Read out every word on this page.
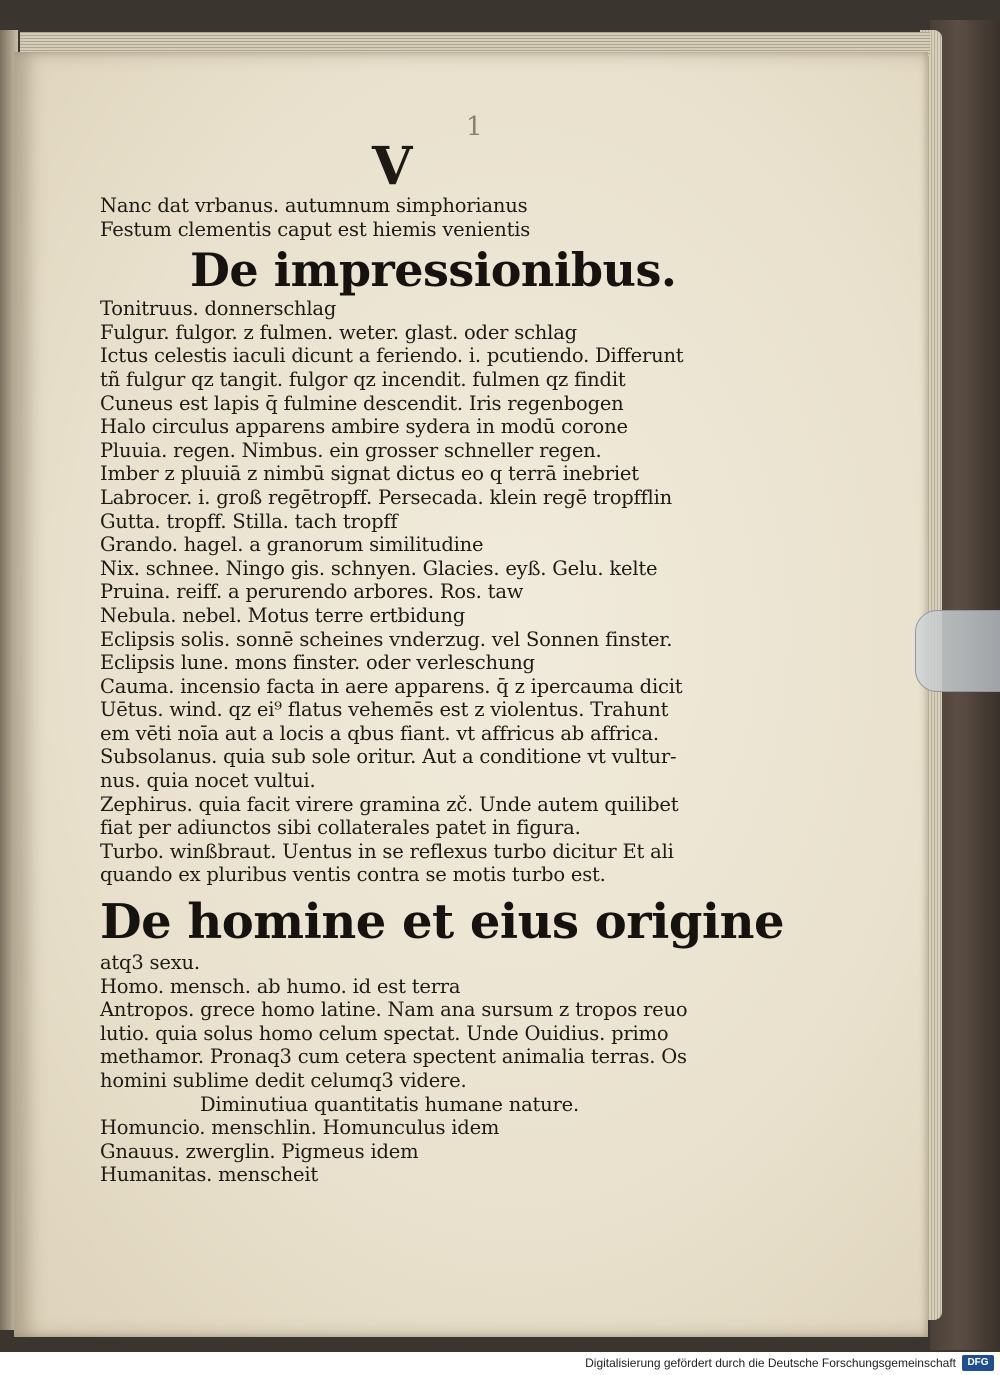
1
V
Nanc dat vrbanus. autumnum simphorianus
Festum clementis caput est hiemis venientis
De impressionibus.
Tonitruus. donnerschlag
Fulgur. fulgor. z fulmen. weter. glast. oder schlag
Ictus celestis iaculi dicunt a feriendo. i. pcutiendo. Differunt
tñ fulgur qz tangit. fulgor qz incendit. fulmen qz findit
Cuneus est lapis q̄ fulmine descendit. Iris regenbogen
Halo circulus apparens ambire sydera in modū corone
Pluuia. regen. Nimbus. ein grosser schneller regen.
Imber z pluuiā z nimbū signat dictus eo q terrā inebriet
Labrocer. i. groß regētropff. Persecada. klein regē tropfflin
Gutta. tropff. Stilla. tach tropff
Grando. hagel. a granorum similitudine
Nix. schnee. Ningo gis. schnyen. Glacies. eyß. Gelu. kelte
Pruina. reiff. a perurendo arbores. Ros. taw
Nebula. nebel. Motus terre ertbidung
Eclipsis solis. sonnē scheines vnderzug. vel Sonnen finster.
Eclipsis lune. mons finster. oder verleschung
Cauma. incensio facta in aere apparens. q̄ z ipercauma dicit
Uētus. wind. qz ei⁹ flatus vehemēs est z violentus. Trahunt
em vēti noīa aut a locis a qbus fiant. vt affricus ab affrica.
Subsolanus. quia sub sole oritur. Aut a conditione vt vultur-
nus. quia nocet vultui.
Zephirus. quia facit virere gramina zč. Unde autem quilibet
fiat per adiunctos sibi collaterales patet in figura.
Turbo. winßbraut. Uentus in se reflexus turbo dicitur Et ali
quando ex pluribus ventis contra se motis turbo est.
De homine et eius origine
atq3 sexu.
Homo. mensch. ab humo. id est terra
Antropos. grece homo latine. Nam ana sursum z tropos reuo
lutio. quia solus homo celum spectat. Unde Ouidius. primo
methamor. Pronaq3 cum cetera spectent animalia terras. Os
homini sublime dedit celumq3 videre.
Diminutiua quantitatis humane nature.
Homuncio. menschlin. Homunculus idem
Gnauus. zwerglin. Pigmeus idem
Humanitas. menscheit
Digitalisierung gefördert durch die Deutsche Forschungsgemeinschaft	DFG
